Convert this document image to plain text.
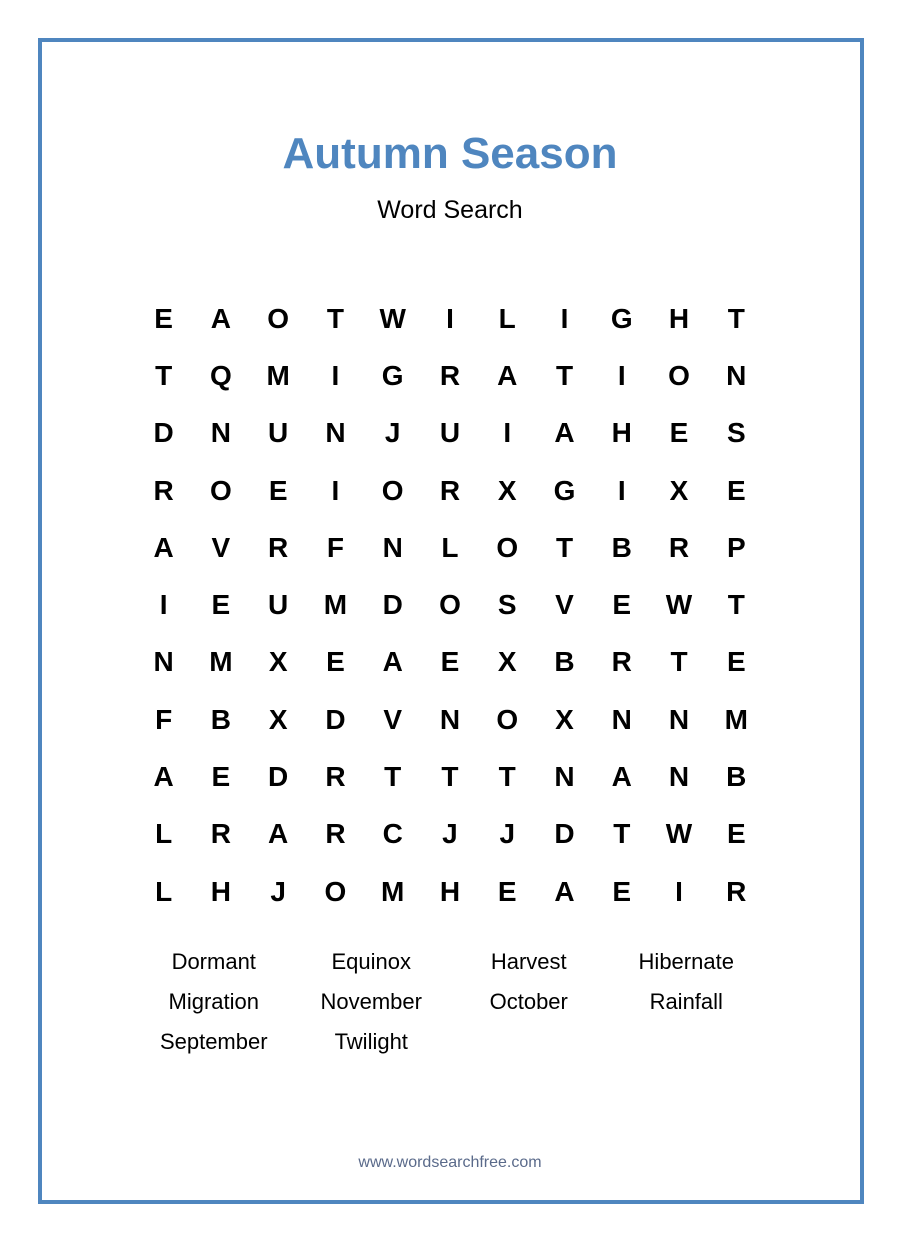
Autumn Season
Word Search
E	A	O	T	W	I	L	I	G	H	T
T	Q	M	I	G	R	A	T	I	O	N
D	N	U	N	J	U	I	A	H	E	S
R	O	E	I	O	R	X	G	I	X	E
A	V	R	F	N	L	O	T	B	R	P
I	E	U	M	D	O	S	V	E	W	T
N	M	X	E	A	E	X	B	R	T	E
F	B	X	D	V	N	O	X	N	N	M
A	E	D	R	T	T	T	N	A	N	B
L	R	A	R	C	J	J	D	T	W	E
L	H	J	O	M	H	E	A	E	I	R
Dormant	Equinox	Harvest	Hibernate
Migration	November	October	Rainfall
September	Twilight
www.wordsearchfree.com
